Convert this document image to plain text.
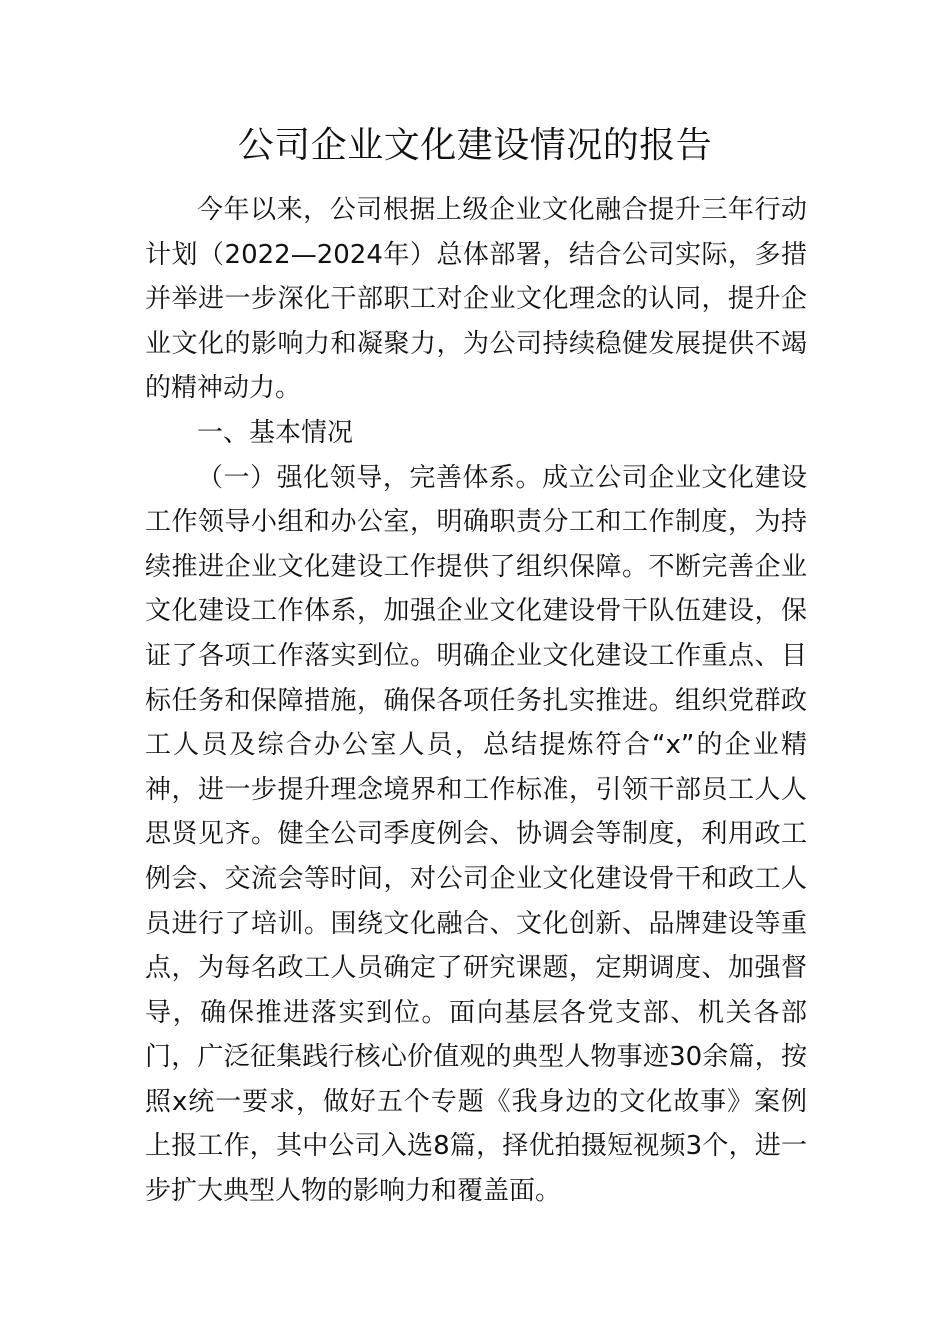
公司企业文化建设情况的报告

今年以来，公司根据上级企业文化融合提升三年行动计划（2022—2024年）总体部署，结合公司实际，多措并举进一步深化干部职工对企业文化理念的认同，提升企业文化的影响力和凝聚力，为公司持续稳健发展提供不竭的精神动力。

一、基本情况

（一）强化领导，完善体系。成立公司企业文化建设工作领导小组和办公室，明确职责分工和工作制度，为持续推进企业文化建设工作提供了组织保障。不断完善企业文化建设工作体系，加强企业文化建设骨干队伍建设，保证了各项工作落实到位。明确企业文化建设工作重点、目标任务和保障措施，确保各项任务扎实推进。组织党群政工人员及综合办公室人员，总结提炼符合“x”的企业精神，进一步提升理念境界和工作标准，引领干部员工人人思贤见齐。健全公司季度例会、协调会等制度，利用政工例会、交流会等时间，对公司企业文化建设骨干和政工人员进行了培训。围绕文化融合、文化创新、品牌建设等重点，为每名政工人员确定了研究课题，定期调度、加强督导，确保推进落实到位。面向基层各党支部、机关各部门，广泛征集践行核心价值观的典型人物事迹30余篇，按照x统一要求，做好五个专题《我身边的文化故事》案例上报工作，其中公司入选8篇，择优拍摄短视频3个，进一步扩大典型人物的影响力和覆盖面。
